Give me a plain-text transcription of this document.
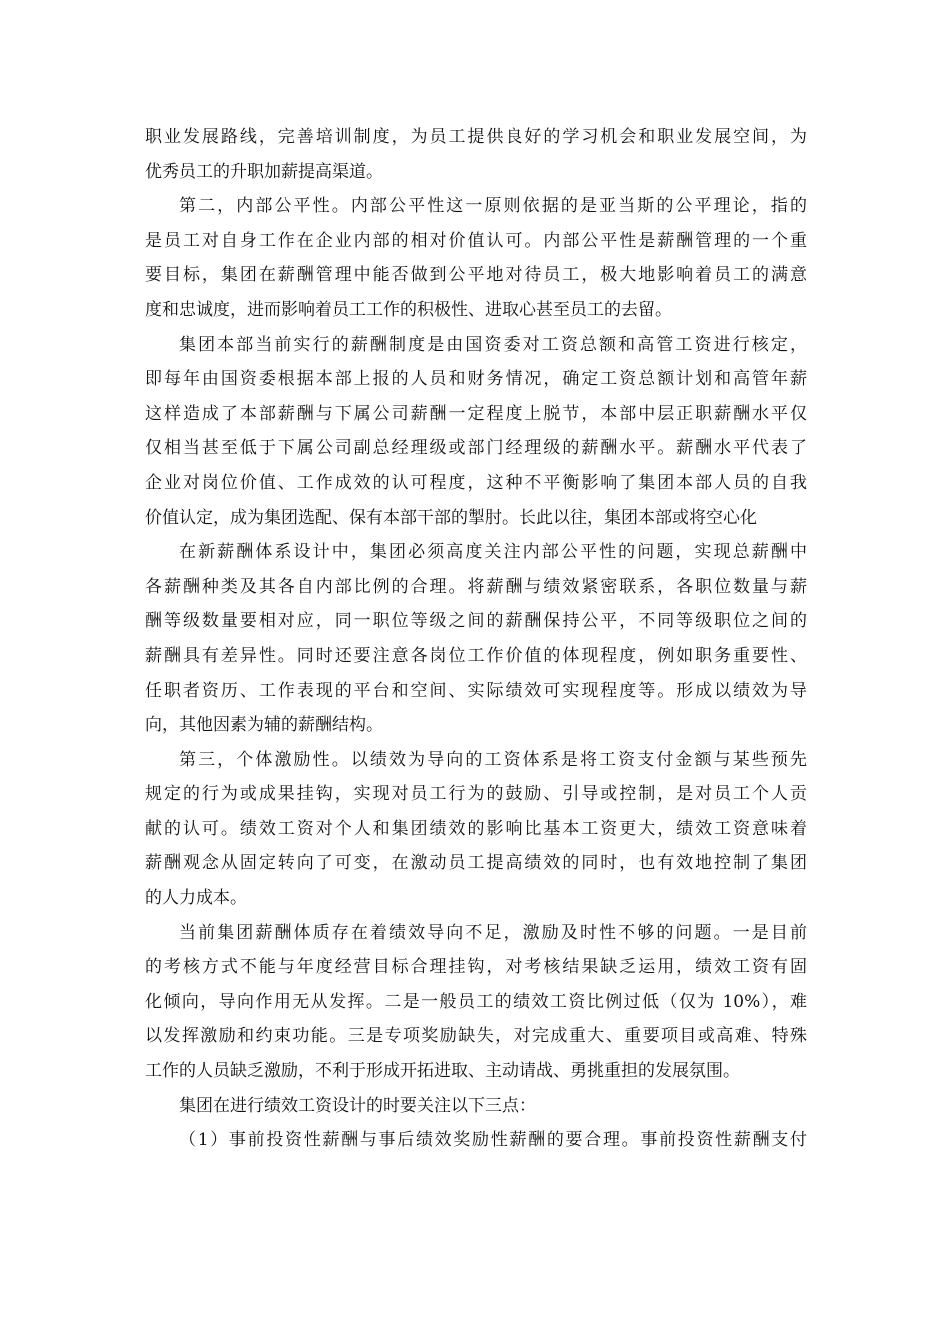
职业发展路线，完善培训制度，为员工提供良好的学习机会和职业发展空间，为
优秀员工的升职加薪提高渠道。
第二，内部公平性。内部公平性这一原则依据的是亚当斯的公平理论，指的
是员工对自身工作在企业内部的相对价值认可。内部公平性是薪酬管理的一个重
要目标，集团在薪酬管理中能否做到公平地对待员工，极大地影响着员工的满意
度和忠诚度，进而影响着员工工作的积极性、进取心甚至员工的去留。
集团本部当前实行的薪酬制度是由国资委对工资总额和高管工资进行核定，
即每年由国资委根据本部上报的人员和财务情况，确定工资总额计划和高管年薪
这样造成了本部薪酬与下属公司薪酬一定程度上脱节，本部中层正职薪酬水平仅
仅相当甚至低于下属公司副总经理级或部门经理级的薪酬水平。薪酬水平代表了
企业对岗位价值、工作成效的认可程度，这种不平衡影响了集团本部人员的自我
价值认定，成为集团选配、保有本部干部的掣肘。长此以往，集团本部或将空心化
在新薪酬体系设计中，集团必须高度关注内部公平性的问题，实现总薪酬中
各薪酬种类及其各自内部比例的合理。将薪酬与绩效紧密联系，各职位数量与薪
酬等级数量要相对应，同一职位等级之间的薪酬保持公平，不同等级职位之间的
薪酬具有差异性。同时还要注意各岗位工作价值的体现程度，例如职务重要性、
任职者资历、工作表现的平台和空间、实际绩效可实现程度等。形成以绩效为导
向，其他因素为辅的薪酬结构。
第三，个体激励性。以绩效为导向的工资体系是将工资支付金额与某些预先
规定的行为或成果挂钩，实现对员工行为的鼓励、引导或控制，是对员工个人贡
献的认可。绩效工资对个人和集团绩效的影响比基本工资更大，绩效工资意味着
薪酬观念从固定转向了可变，在激动员工提高绩效的同时，也有效地控制了集团
的人力成本。
当前集团薪酬体质存在着绩效导向不足，激励及时性不够的问题。一是目前
的考核方式不能与年度经营目标合理挂钩，对考核结果缺乏运用，绩效工资有固
化倾向，导向作用无从发挥。二是一般员工的绩效工资比例过低（仅为 10%），难
以发挥激励和约束功能。三是专项奖励缺失，对完成重大、重要项目或高难、特殊
工作的人员缺乏激励，不利于形成开拓进取、主动请战、勇挑重担的发展氛围。
集团在进行绩效工资设计的时要关注以下三点：
（1）事前投资性薪酬与事后绩效奖励性薪酬的要合理。事前投资性薪酬支付
